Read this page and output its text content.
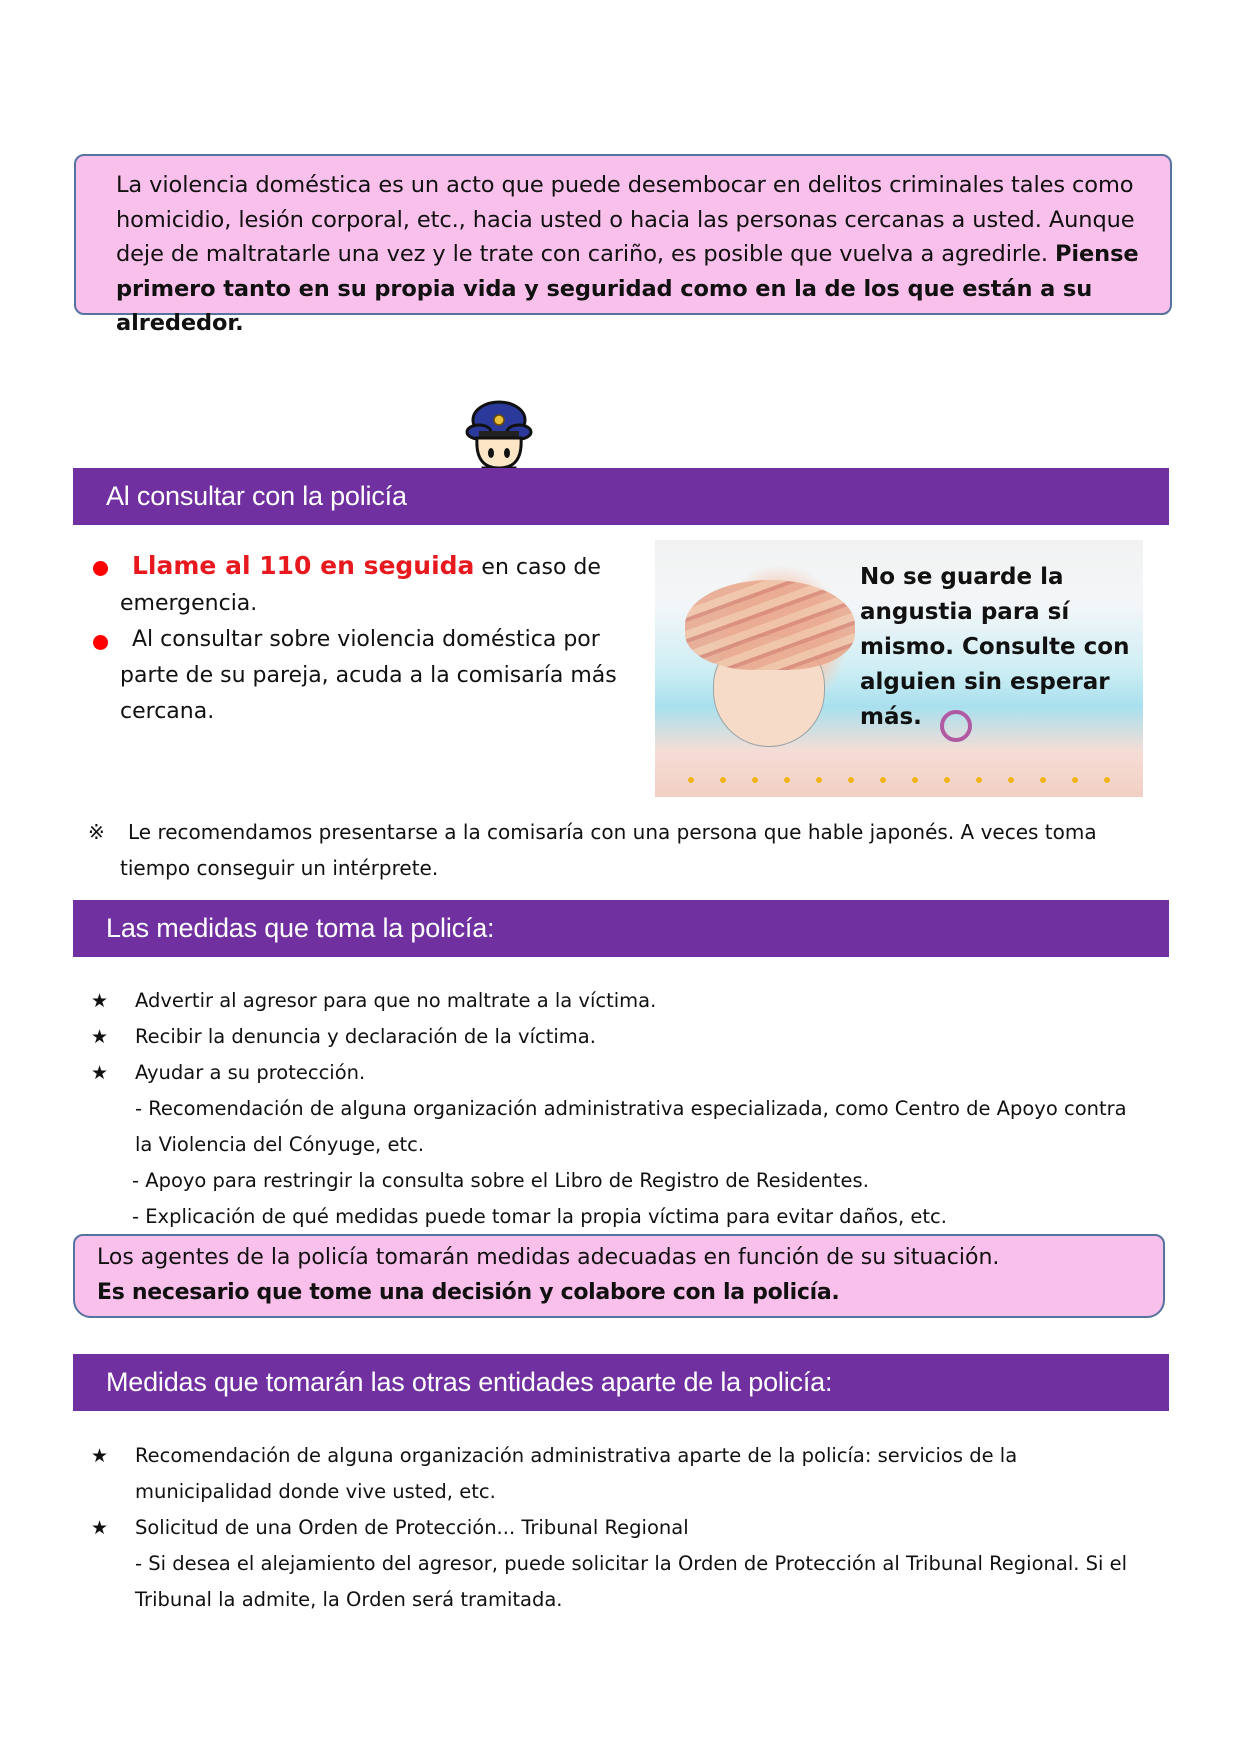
La violencia doméstica es un acto que puede desembocar en delitos criminales tales como homicidio, lesión corporal, etc., hacia usted o hacia las personas cercanas a usted. Aunque deje de maltratarle una vez y le trate con cariño, es posible que vuelva a agredirle. Piense primero tanto en su propia vida y seguridad como en la de los que están a su alrededor.

Al consultar con la policía
Llame al 110 en seguida en caso de emergencia.
Al consultar sobre violencia doméstica por parte de su pareja, acuda a la comisaría más cercana.
No se guarde la angustia para sí mismo. Consulte con alguien sin esperar más.
※ Le recomendamos presentarse a la comisaría con una persona que hable japonés. A veces toma
tiempo conseguir un intérprete.
Las medidas que toma la policía:
★ Advertir al agresor para que no maltrate a la víctima.
★ Recibir la denuncia y declaración de la víctima.
★ Ayudar a su protección.
- Recomendación de alguna organización administrativa especializada, como Centro de Apoyo contra
la Violencia del Cónyuge, etc.
- Apoyo para restringir la consulta sobre el Libro de Registro de Residentes.
- Explicación de qué medidas puede tomar la propia víctima para evitar daños, etc.

Los agentes de la policía tomarán medidas adecuadas en función de su situación.

Es necesario que tome una decisión y colabore con la policía.

Medidas que tomarán las otras entidades aparte de la policía:
★ Recomendación de alguna organización administrativa aparte de la policía: servicios de la
municipalidad donde vive usted, etc.
★ Solicitud de una Orden de Protección... Tribunal Regional
- Si desea el alejamiento del agresor, puede solicitar la Orden de Protección al Tribunal Regional. Si el
Tribunal la admite, la Orden será tramitada.
